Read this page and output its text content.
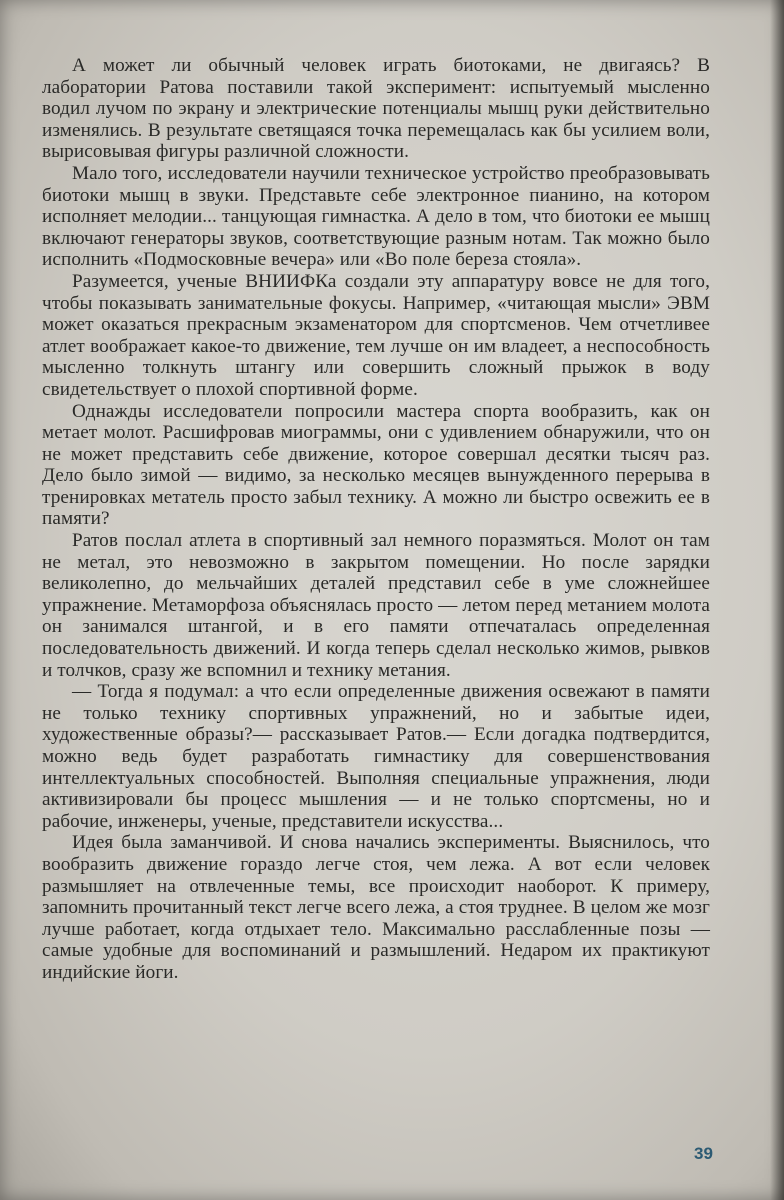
А может ли обычный человек играть биотоками, не двигаясь? В лаборатории Ратова поставили такой эксперимент: испытуемый мысленно водил лучом по экрану и электрические потенциалы мышц руки действительно изменялись. В результате светящаяся точка перемещалась как бы усилием воли, вырисовывая фигуры различной сложности.

Мало того, исследователи научили техническое устройство преобразовывать биотоки мышц в звуки. Представьте себе электронное пианино, на котором исполняет мелодии... танцующая гимнастка. А дело в том, что биотоки ее мышц включают генераторы звуков, соответствующие разным нотам. Так можно было исполнить «Подмосковные вечера» или «Во поле береза стояла».

Разумеется, ученые ВНИИФКа создали эту аппаратуру вовсе не для того, чтобы показывать занимательные фокусы. Например, «читающая мысли» ЭВМ может оказаться прекрасным экзаменатором для спортсменов. Чем отчетливее атлет воображает какое-то движение, тем лучше он им владеет, а неспособность мысленно толкнуть штангу или совершить сложный прыжок в воду свидетельствует о плохой спортивной форме.

Однажды исследователи попросили мастера спорта вообразить, как он метает молот. Расшифровав миограммы, они с удивлением обнаружили, что он не может представить себе движение, которое совершал десятки тысяч раз. Дело было зимой — видимо, за несколько месяцев вынужденного перерыва в тренировках метатель просто забыл технику. А можно ли быстро освежить ее в памяти?

Ратов послал атлета в спортивный зал немного поразмяться. Молот он там не метал, это невозможно в закрытом помещении. Но после зарядки великолепно, до мельчайших деталей представил себе в уме сложнейшее упражнение. Метаморфоза объяснялась просто — летом перед метанием молота он занимался штангой, и в его памяти отпечаталась определенная последовательность движений. И когда теперь сделал несколько жимов, рывков и толчков, сразу же вспомнил и технику метания.

— Тогда я подумал: а что если определенные движения освежают в памяти не только технику спортивных упражнений, но и забытые идеи, художественные образы?— рассказывает Ратов.— Если догадка подтвердится, можно ведь будет разработать гимнастику для совершенствования интеллектуальных способностей. Выполняя специальные упражнения, люди активизировали бы процесс мышления — и не только спортсмены, но и рабочие, инженеры, ученые, представители искусства...

Идея была заманчивой. И снова начались эксперименты. Выяснилось, что вообразить движение гораздо легче стоя, чем лежа. А вот если человек размышляет на отвлеченные темы, все происходит наоборот. К примеру, запомнить прочитанный текст легче всего лежа, а стоя труднее. В целом же мозг лучше работает, когда отдыхает тело. Максимально расслабленные позы — самые удобные для воспоминаний и размышлений. Недаром их практикуют индийские йоги.

39
